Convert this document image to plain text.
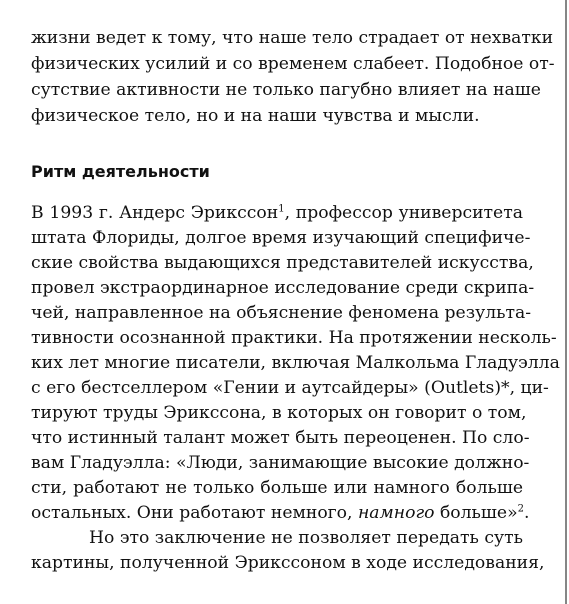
жизни ведет к тому, что наше тело страдает от нехватки
физических усилий и со временем слабеет. Подобное от-
сутствие активности не только пагубно влияет на наше
физическое тело, но и на наши чувства и мысли.
Ритм деятельности
В 1993 г. Андерс Эрикссон$^1$, профессор университета
штата Флориды, долгое время изучающий специфиче-
ские свойства выдающихся представителей искусства,
провел экстраординарное исследование среди скрипа-
чей, направленное на объяснение феномена результа-
тивности осознанной практики. На протяжении несколь-
ких лет многие писатели, включая Малкольма Гладуэлла
с его бестселлером «Гении и аутсайдеры» (Outlets)*, ци-
тируют труды Эрикссона, в которых он говорит о том,
что истинный талант может быть переоценен. По сло-
вам Гладуэлла: «Люди, занимающие высокие должно-
сти, работают не только больше или намного больше
остальных. Они работают немного, намного больше»$^2$.
Но это заключение не позволяет передать суть
картины, полученной Эрикссоном в ходе исследования,
